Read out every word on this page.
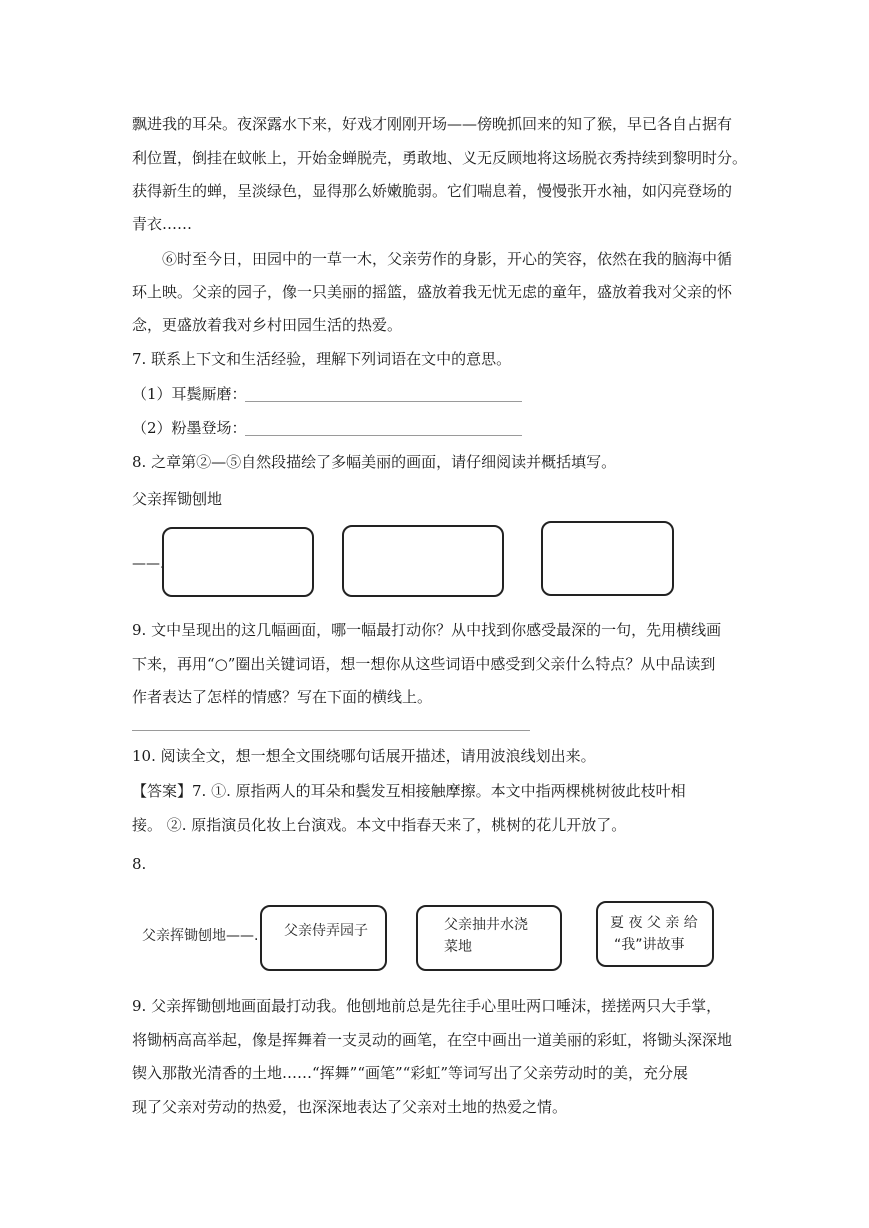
飘进我的耳朵。夜深露水下来，好戏才刚刚开场——傍晚抓回来的知了猴，早已各自占据有
利位置，倒挂在蚊帐上，开始金蝉脱壳，勇敢地、义无反顾地将这场脱衣秀持续到黎明时分。
获得新生的蝉，呈淡绿色，显得那么娇嫩脆弱。它们喘息着，慢慢张开水袖，如闪亮登场的
青衣……
⑥时至今日，田园中的一草一木，父亲劳作的身影，开心的笑容，依然在我的脑海中循
环上映。父亲的园子，像一只美丽的摇篮，盛放着我无忧无虑的童年，盛放着我对父亲的怀
念，更盛放着我对乡村田园生活的热爱。
7. 联系上下文和生活经验，理解下列词语在文中的意思。
（1）耳鬓厮磨：
（2）粉墨登场：
8. 之章第②—⑤自然段描绘了多幅美丽的画面，请仔细阅读并概括填写。
父亲挥锄刨地
——.
9. 文中呈现出的这几幅画面，哪一幅最打动你？从中找到你感受最深的一句，先用横线画
下来，再用“○”圈出关键词语，想一想你从这些词语中感受到父亲什么特点？从中品读到
作者表达了怎样的情感？写在下面的横线上。
10. 阅读全文，想一想全文围绕哪句话展开描述，请用波浪线划出来。
【答案】7. ①. 原指两人的耳朵和鬓发互相接触摩擦。本文中指两棵桃树彼此枝叶相
接。 ②. 原指演员化妆上台演戏。本文中指春天来了，桃树的花儿开放了。
8.
父亲挥锄刨地——. 父亲侍弄园子	父亲抽井水浇
菜地
夏 夜 父 亲 给
“我”讲故事
9. 父亲挥锄刨地画面最打动我。他刨地前总是先往手心里吐两口唾沫，搓搓两只大手掌，
将锄柄高高举起，像是挥舞着一支灵动的画笔，在空中画出一道美丽的彩虹，将锄头深深地
锲入那散光清香的土地……“挥舞”“画笔”“彩虹”等词写出了父亲劳动时的美，充分展
现了父亲对劳动的热爱，也深深地表达了父亲对土地的热爱之情。
